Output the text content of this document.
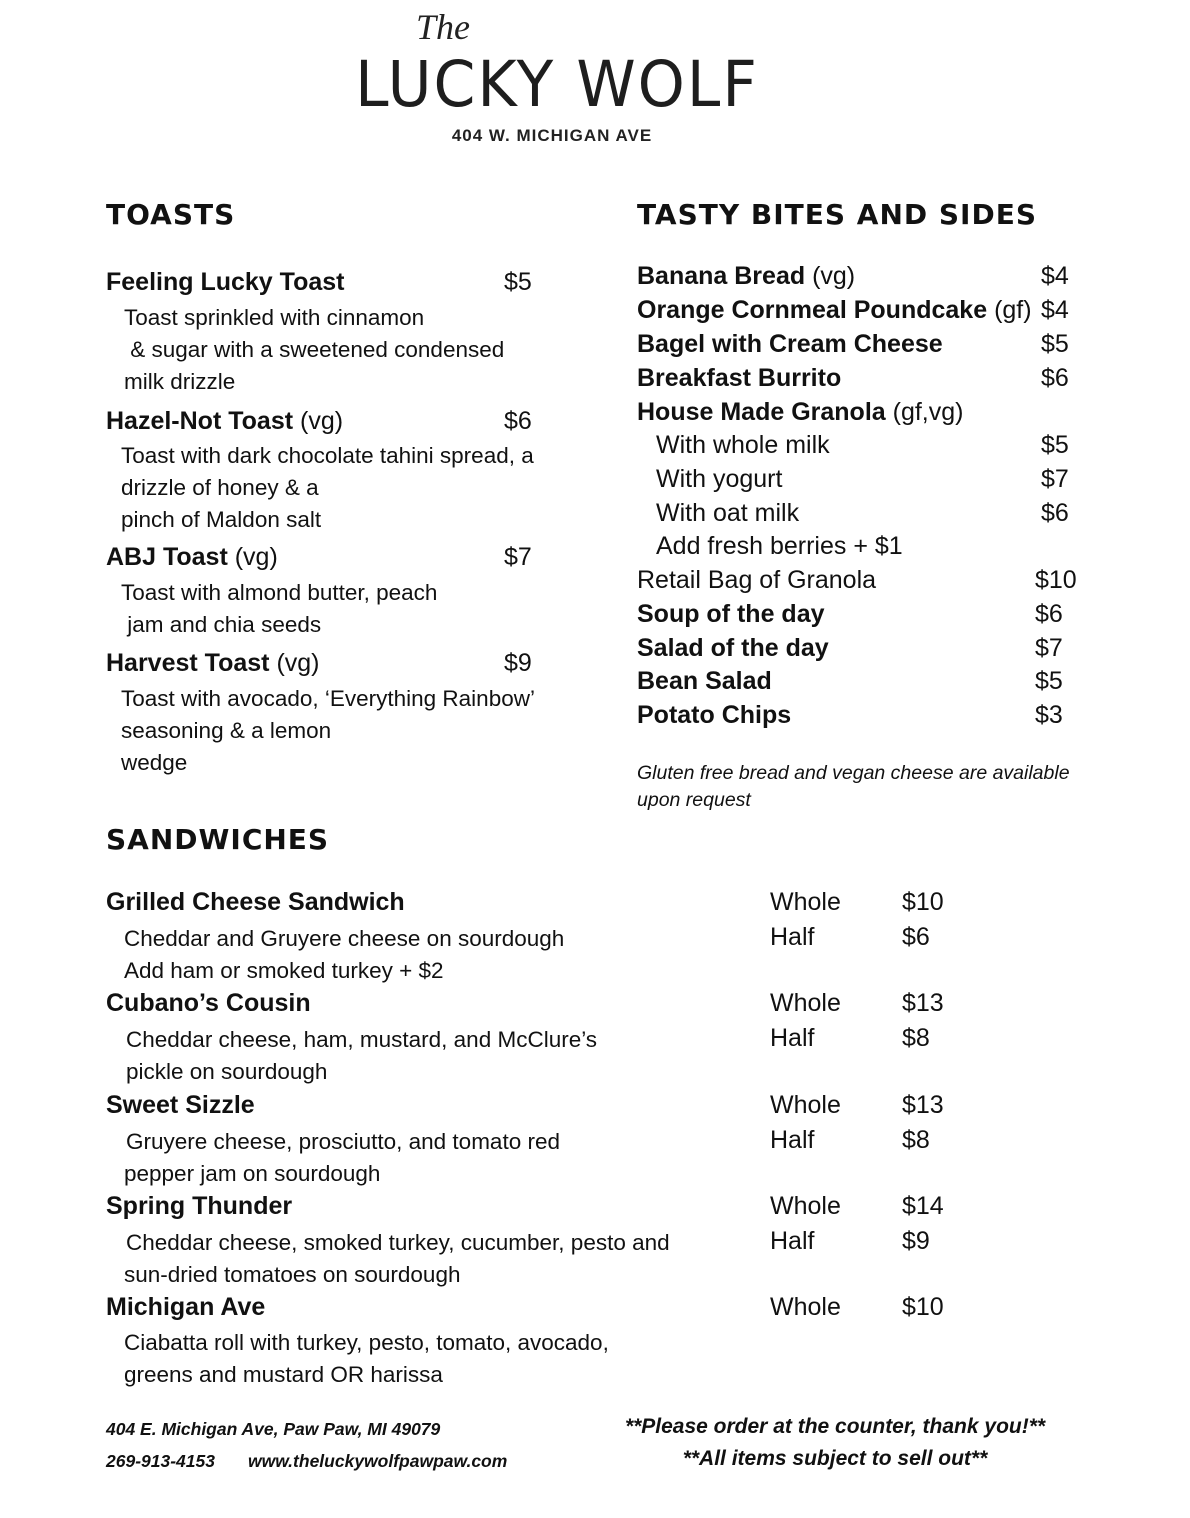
The
LUCKY WOLF
404 W. MICHIGAN AVE
TOASTS
Feeling Lucky Toast	$5
Toast sprinkled with cinnamon
& sugar with a sweetened condensed
milk drizzle
Hazel-Not Toast (vg)	$6
Toast with dark chocolate tahini spread, a
drizzle of honey & a
pinch of Maldon salt
ABJ Toast (vg)	$7
Toast with almond butter, peach
jam and chia seeds
Harvest Toast (vg)	$9
Toast with avocado, ‘Everything Rainbow’
seasoning & a lemon
wedge
TASTY BITES AND SIDES
Banana Bread (vg)	$4
Orange Cornmeal Poundcake (gf) $4
Bagel with Cream Cheese	$5
Breakfast Burrito	$6
House Made Granola (gf,vg)
With whole milk	$5
With yogurt	$7
With oat milk	$6
Add fresh berries + $1
Retail Bag of Granola	$10
Soup of the day	$6
Salad of the day	$7
Bean Salad	$5
Potato Chips	$3
Gluten free bread and vegan cheese are available
upon request
SANDWICHES
Grilled Cheese Sandwich	Whole $10
Cheddar and Gruyere cheese on sourdough	Half	$6
Add ham or smoked turkey + $2
Cubano’s Cousin	Whole $13
Cheddar cheese, ham, mustard, and McClure’s	Half	$8
pickle on sourdough
Sweet Sizzle	Whole $13
Gruyere cheese, prosciutto, and tomato red	Half	$8
pepper jam on sourdough
Spring Thunder	Whole $14
Cheddar cheese, smoked turkey, cucumber, pesto and	Half	$9
sun-dried tomatoes on sourdough
Michigan Ave	Whole $10
Ciabatta roll with turkey, pesto, tomato, avocado,
greens and mustard OR harissa
404 E. Michigan Ave, Paw Paw, MI 49079
269-913-4153 www.theluckywolfpawpaw.com
**Please order at the counter, thank you!**
**All items subject to sell out**
